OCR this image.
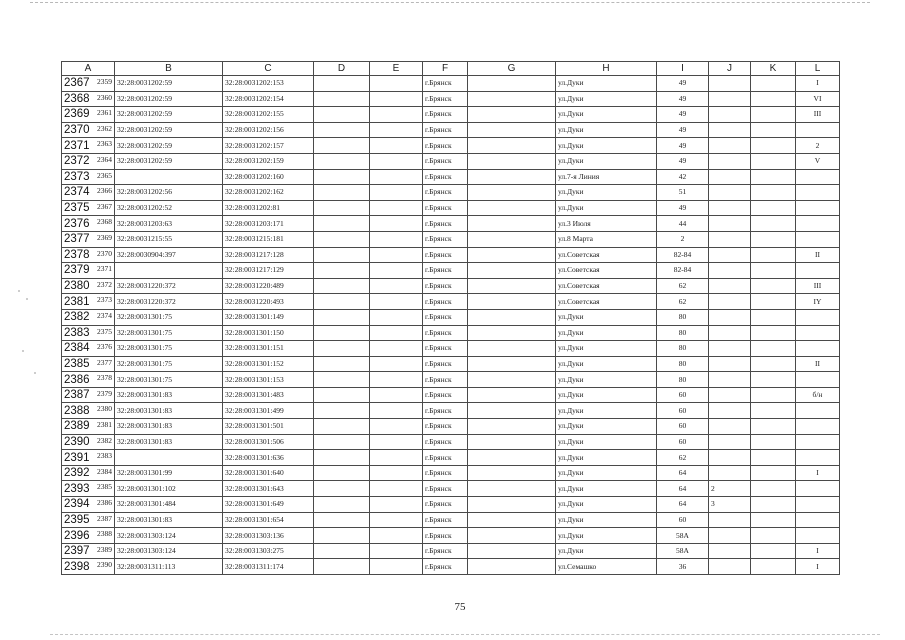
A	B	C	D	E	F	G	H	I	J	K	L
2367 2359	32:28:0031202:59	32:28:0031202:153			г.Брянск		ул.Дуки	49			I
2368 2360	32:28:0031202:59	32:28:0031202:154			г.Брянск		ул.Дуки	49			VI
2369 2361	32:28:0031202:59	32:28:0031202:155			г.Брянск		ул.Дуки	49			III
2370 2362	32:28:0031202:59	32:28:0031202:156			г.Брянск		ул.Дуки	49			
2371 2363	32:28:0031202:59	32:28:0031202:157			г.Брянск		ул.Дуки	49			2
2372 2364	32:28:0031202:59	32:28:0031202:159			г.Брянск		ул.Дуки	49			V
2373 2365		32:28:0031202:160			г.Брянск		ул.7-я Линия	42			
2374 2366	32:28:0031202:56	32:28:0031202:162			г.Брянск		ул.Дуки	51			
2375 2367	32:28:0031202:52	32:28:0031202:81			г.Брянск		ул.Дуки	49			
2376 2368	32:28:0031203:63	32:28:0031203:171			г.Брянск		ул.3 Июля	44			
2377 2369	32:28:0031215:55	32:28:0031215:181			г.Брянск		ул.8 Марта	2			
2378 2370	32:28:0030904:397	32:28:0031217:128			г.Брянск		ул.Советская	82-84			II
2379 2371		32:28:0031217:129			г.Брянск		ул.Советская	82-84			
2380 2372	32:28:0031220:372	32:28:0031220:489			г.Брянск		ул.Советская	62			III
2381 2373	32:28:0031220:372	32:28:0031220:493			г.Брянск		ул.Советская	62			IY
2382 2374	32:28:0031301:75	32:28:0031301:149			г.Брянск		ул.Дуки	80			
2383 2375	32:28:0031301:75	32:28:0031301:150			г.Брянск		ул.Дуки	80			
2384 2376	32:28:0031301:75	32:28:0031301:151			г.Брянск		ул.Дуки	80			
2385 2377	32:28:0031301:75	32:28:0031301:152			г.Брянск		ул.Дуки	80			II
2386 2378	32:28:0031301:75	32:28:0031301:153			г.Брянск		ул.Дуки	80			
2387 2379	32:28:0031301:83	32:28:0031301:483			г.Брянск		ул.Дуки	60			б/н
2388 2380	32:28:0031301:83	32:28:0031301:499			г.Брянск		ул.Дуки	60			
2389 2381	32:28:0031301:83	32:28:0031301:501			г.Брянск		ул.Дуки	60			
2390 2382	32:28:0031301:83	32:28:0031301:506			г.Брянск		ул.Дуки	60			
2391 2383		32:28:0031301:636			г.Брянск		ул.Дуки	62			
2392 2384	32:28:0031301:99	32:28:0031301:640			г.Брянск		ул.Дуки	64			I
2393 2385	32:28:0031301:102	32:28:0031301:643			г.Брянск		ул.Дуки	64	2		
2394 2386	32:28:0031301:484	32:28:0031301:649			г.Брянск		ул.Дуки	64	3		
2395 2387	32:28:0031301:83	32:28:0031301:654			г.Брянск		ул.Дуки	60			
2396 2388	32:28:0031303:124	32:28:0031303:136			г.Брянск		ул.Дуки	58А			
2397 2389	32:28:0031303:124	32:28:0031303:275			г.Брянск		ул.Дуки	58А			I
2398 2390	32:28:0031311:113	32:28:0031311:174			г.Брянск		ул.Семашко	36			I
75
